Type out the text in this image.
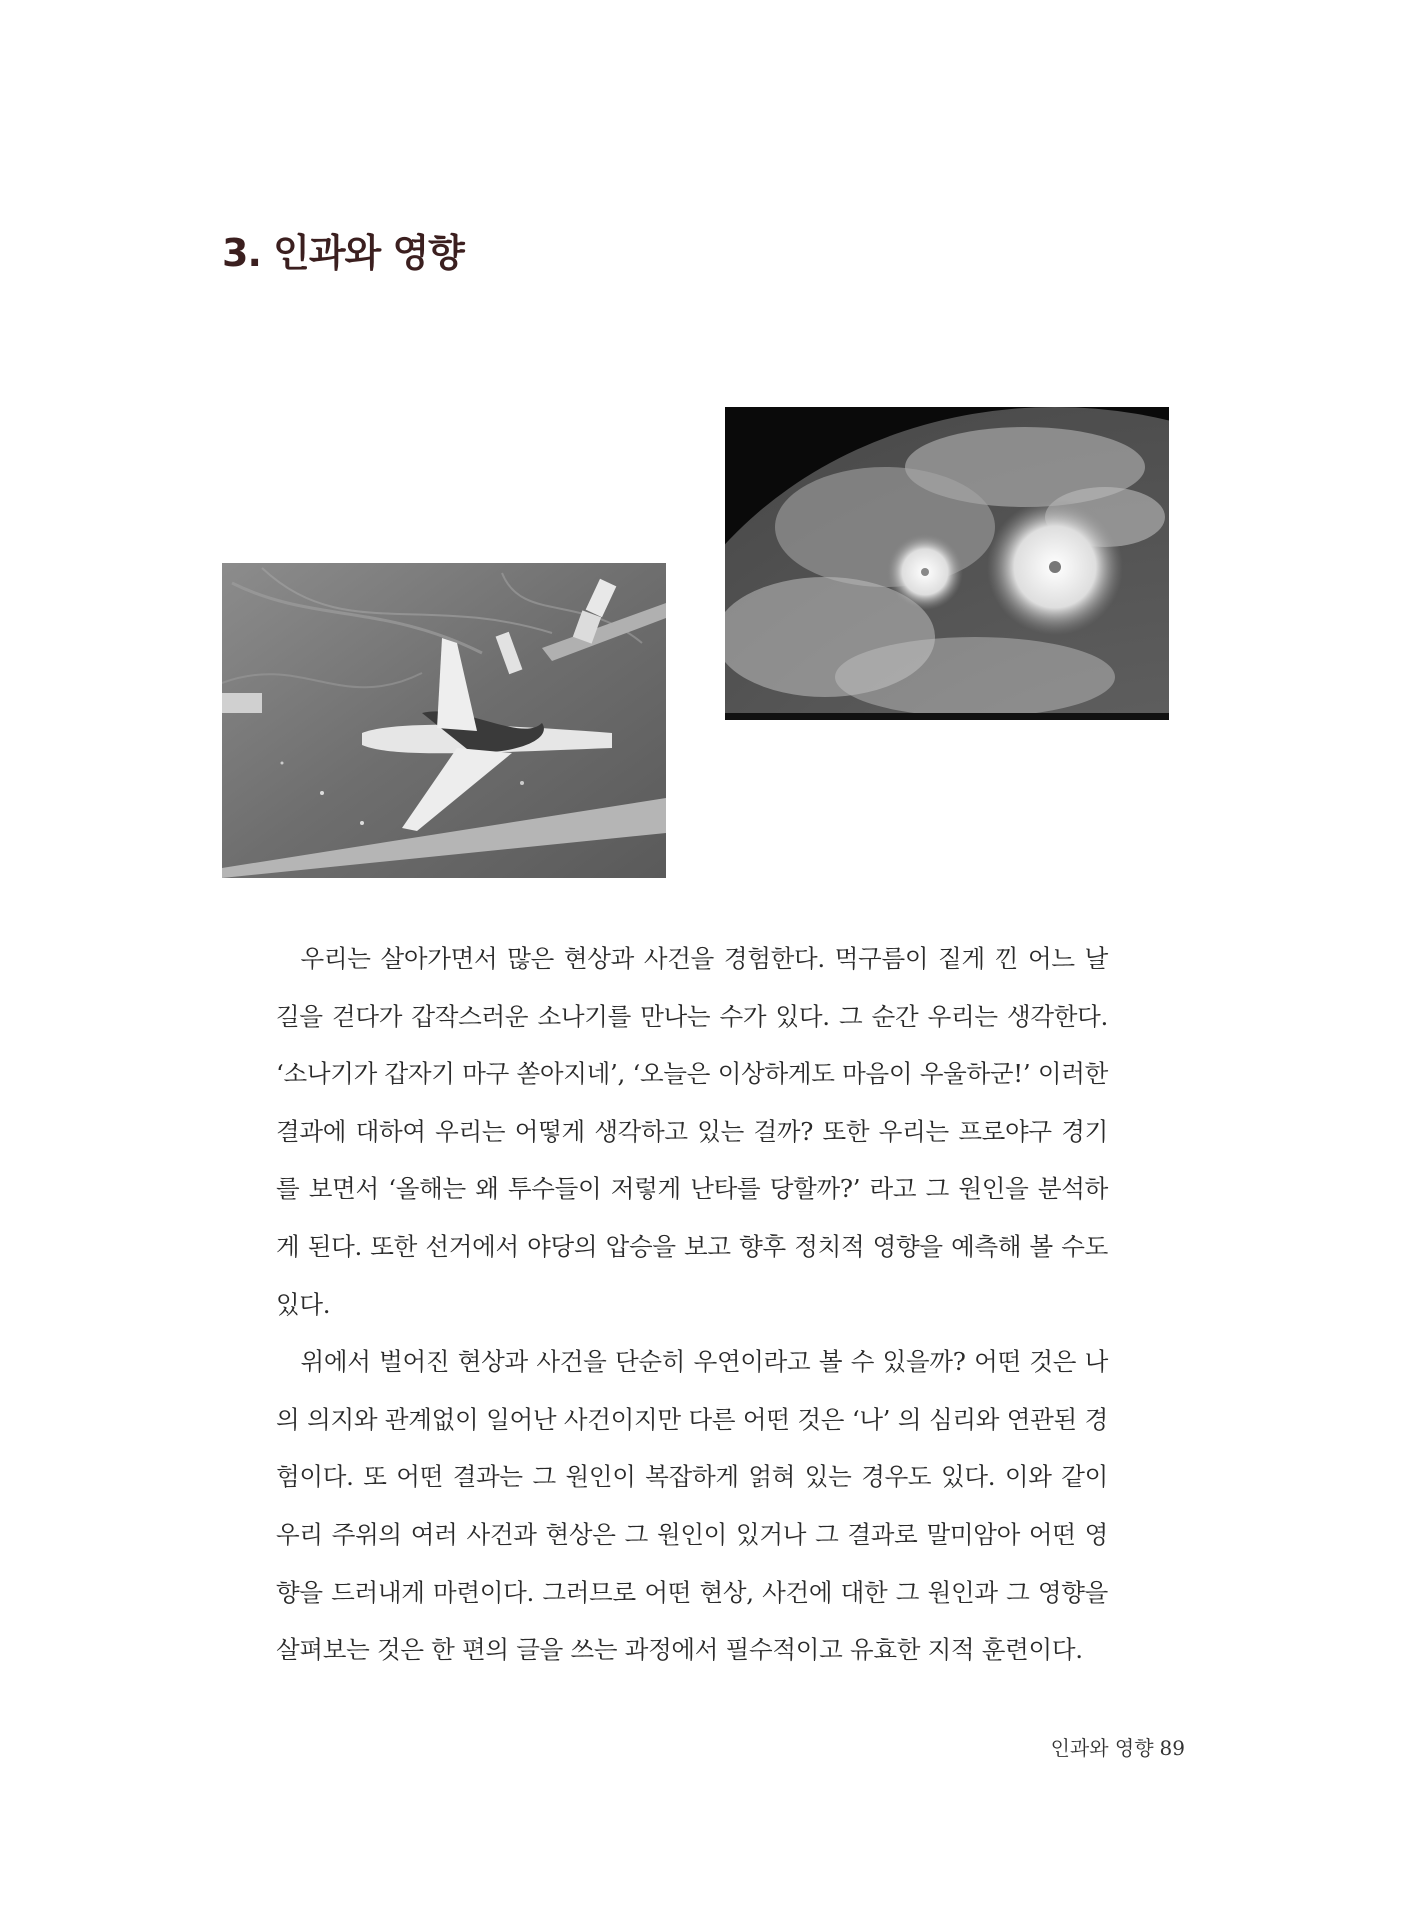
3. 인과와 영향

우리는 살아가면서 많은 현상과 사건을 경험한다. 먹구름이 짙게 낀 어느 날 길을 걷다가 갑작스러운 소나기를 만나는 수가 있다. 그 순간 우리는 생각한다. ‘소나기가 갑자기 마구 쏟아지네’, ‘오늘은 이상하게도 마음이 우울하군!’ 이러한 결과에 대하여 우리는 어떻게 생각하고 있는 걸까? 또한 우리는 프로야구 경기를 보면서 ‘올해는 왜 투수들이 저렇게 난타를 당할까?’ 라고 그 원인을 분석하게 된다. 또한 선거에서 야당의 압승을 보고 향후 정치적 영향을 예측해 볼 수도 있다.

위에서 벌어진 현상과 사건을 단순히 우연이라고 볼 수 있을까? 어떤 것은 나의 의지와 관계없이 일어난 사건이지만 다른 어떤 것은 ‘나’ 의 심리와 연관된 경험이다. 또 어떤 결과는 그 원인이 복잡하게 얽혀 있는 경우도 있다. 이와 같이 우리 주위의 여러 사건과 현상은 그 원인이 있거나 그 결과로 말미암아 어떤 영향을 드러내게 마련이다. 그러므로 어떤 현상, 사건에 대한 그 원인과 그 영향을 살펴보는 것은 한 편의 글을 쓰는 과정에서 필수적이고 유효한 지적 훈련이다.

인과와 영향 89
